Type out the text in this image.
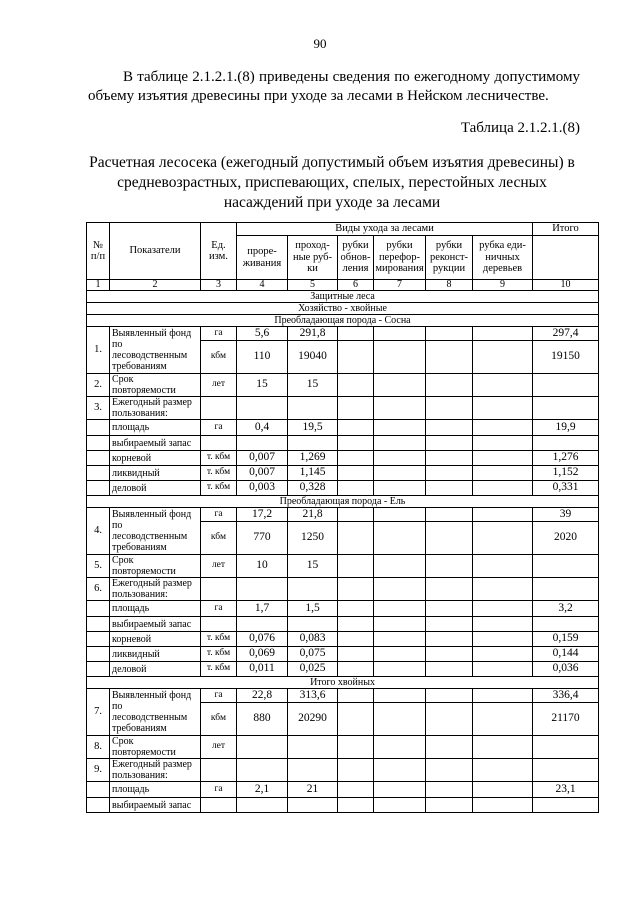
90
В таблице 2.1.2.1.(8) приведены сведения по ежегодному допустимому объему изъятия древесины при уходе за лесами в Нейском лесничестве.
Таблица 2.1.2.1.(8)
Расчетная лесосека (ежегодный допустимый объем изъятия древесины) в средневозрастных, приспевающих, спелых, перестойных лесных насаждений при уходе за лесами
№ п/п	Показатели	Ед. изм.	Виды ухода за лесами						Итого
			проре-живания	проход-ные руб-ки	рубки обнов-ления	рубки перефор-мирования	рубки реконст-рукции	рубка еди-ничных деревьев	
1	2	3	4	5	6	7	8	9	10
Защитные леса									
Хозяйство - хвойные									
Преобладающая порода - Сосна									
1.	Выявленный фонд по лесоводственным требованиям	га	5,6	291,8					297,4
		кбм	110	19040					19150
2.	Срок повторяемости	лет	15	15					
3.	Ежегодный размер пользования:								
	площадь	га	0,4	19,5					19,9
	выбираемый запас								
	корневой	т. кбм	0,007	1,269					1,276
	ликвидный	т. кбм	0,007	1,145					1,152
	деловой	т. кбм	0,003	0,328					0,331
Преобладающая порода - Ель									
4.	Выявленный фонд по лесоводственным требованиям	га	17,2	21,8					39
		кбм	770	1250					2020
5.	Срок повторяемости	лет	10	15					
6.	Ежегодный размер пользования:								
	площадь	га	1,7	1,5					3,2
	выбираемый запас								
	корневой	т. кбм	0,076	0,083					0,159
	ликвидный	т. кбм	0,069	0,075					0,144
	деловой	т. кбм	0,011	0,025					0,036
Итого хвойных									
7.	Выявленный фонд по лесоводственным требованиям	га	22,8	313,6					336,4
		кбм	880	20290					21170
8.	Срок повторяемости	лет							
9.	Ежегодный размер пользования:								
	площадь	га	2,1	21					23,1
	выбираемый запас								
